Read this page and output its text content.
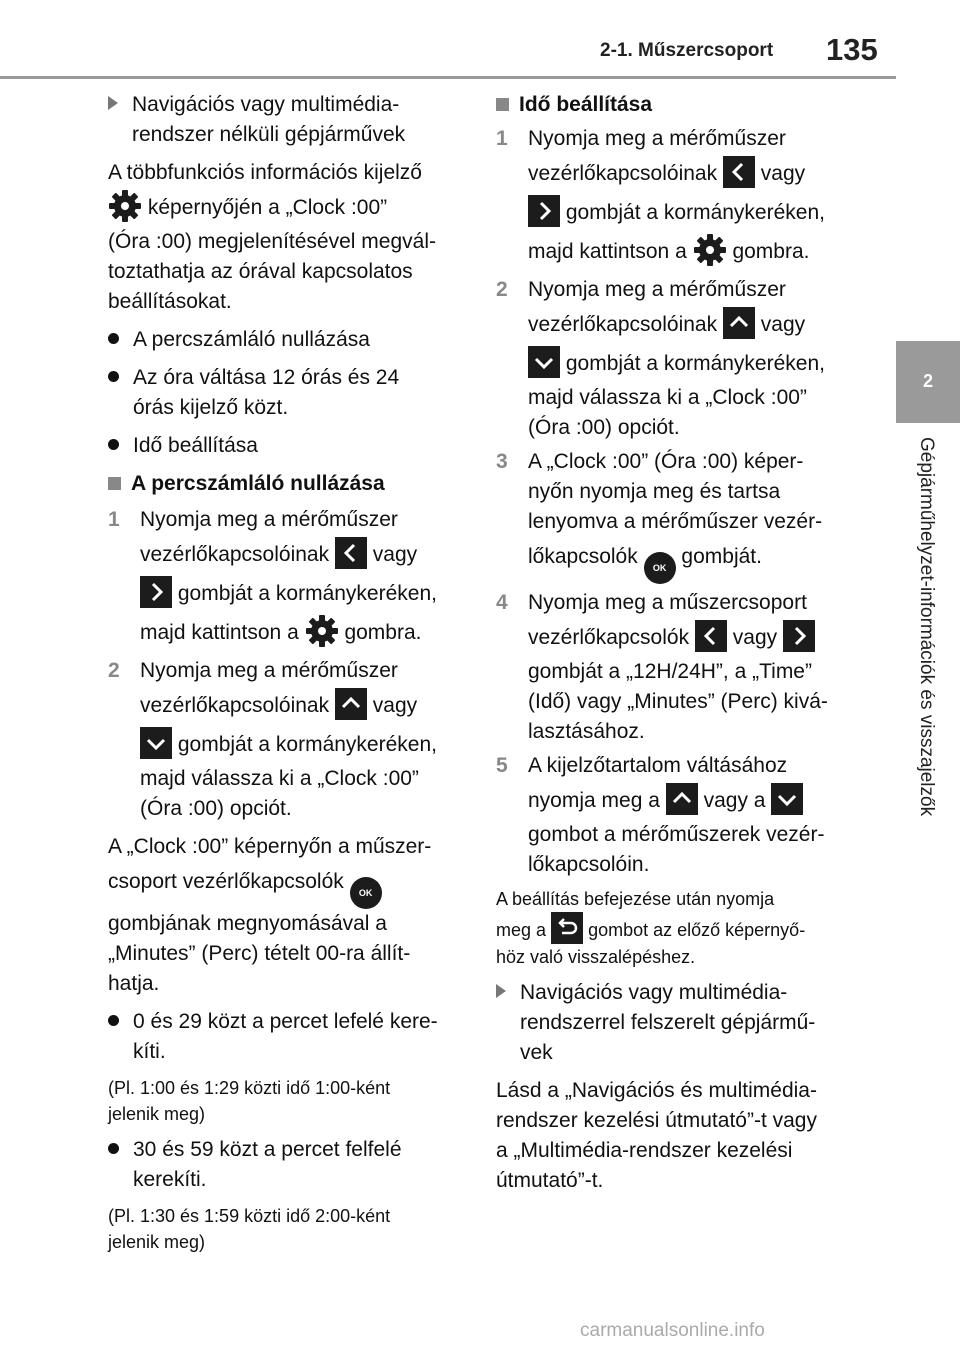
2-1. Műszercsoport 135
2
Gépjárműhelyzet-információk és visszajelzők

Navigációs vagy multimédia-
rendszer nélküli gépjárművek

A többfunkciós információs kijelző
képernyőjén a „Clock :00”
(Óra :00) megjelenítésével megvál-
toztathatja az órával kapcsolatos
beállításokat.

A percszámláló nullázása

Az óra váltása 12 órás és 24
órás kijelző közt.

Idő beállítása

A percszámláló nullázása

1 Nyomja meg a mérőműszer
vezérlőkapcsolóinak vagy
gombját a kormánykeréken,
majd kattintson a gombra.
2 Nyomja meg a mérőműszer
vezérlőkapcsolóinak vagy
gombját a kormánykeréken,
majd válassza ki a „Clock :00”
(Óra :00) opciót.

A „Clock :00” képernyőn a műszer-
csoport vezérlőkapcsolók OK
gombjának megnyomásával a
„Minutes” (Perc) tételt 00-ra állít-
hatja.

0 és 29 közt a percet lefelé kere-
kíti.

(Pl. 1:00 és 1:29 közti idő 1:00-ként
jelenik meg)

30 és 59 közt a percet felfelé
kerekíti.

(Pl. 1:30 és 1:59 közti idő 2:00-ként
jelenik meg)

Idő beállítása

1 Nyomja meg a mérőműszer
vezérlőkapcsolóinak vagy
gombját a kormánykeréken,
majd kattintson a gombra.
2 Nyomja meg a mérőműszer
vezérlőkapcsolóinak vagy
gombját a kormánykeréken,
majd válassza ki a „Clock :00”
(Óra :00) opciót.
3 A „Clock :00” (Óra :00) képer-
nyőn nyomja meg és tartsa
lenyomva a mérőműszer vezér-
lőkapcsolók OK gombját.
4 Nyomja meg a műszercsoport
vezérlőkapcsolók vagy
gombját a „12H/24H”, a „Time”
(Idő) vagy „Minutes” (Perc) kivá-
lasztásához.
5 A kijelzőtartalom váltásához
nyomja meg a vagy a
gombot a mérőműszerek vezér-
lőkapcsolóin.

A beállítás befejezése után nyomja
meg a gombot az előző képernyő-
höz való visszalépéshez.

Navigációs vagy multimédia-
rendszerrel felszerelt gépjármű-
vek

Lásd a „Navigációs és multimédia-
rendszer kezelési útmutató”-t vagy
a „Multimédia-rendszer kezelési
útmutató”-t.

carmanualsonline.info
